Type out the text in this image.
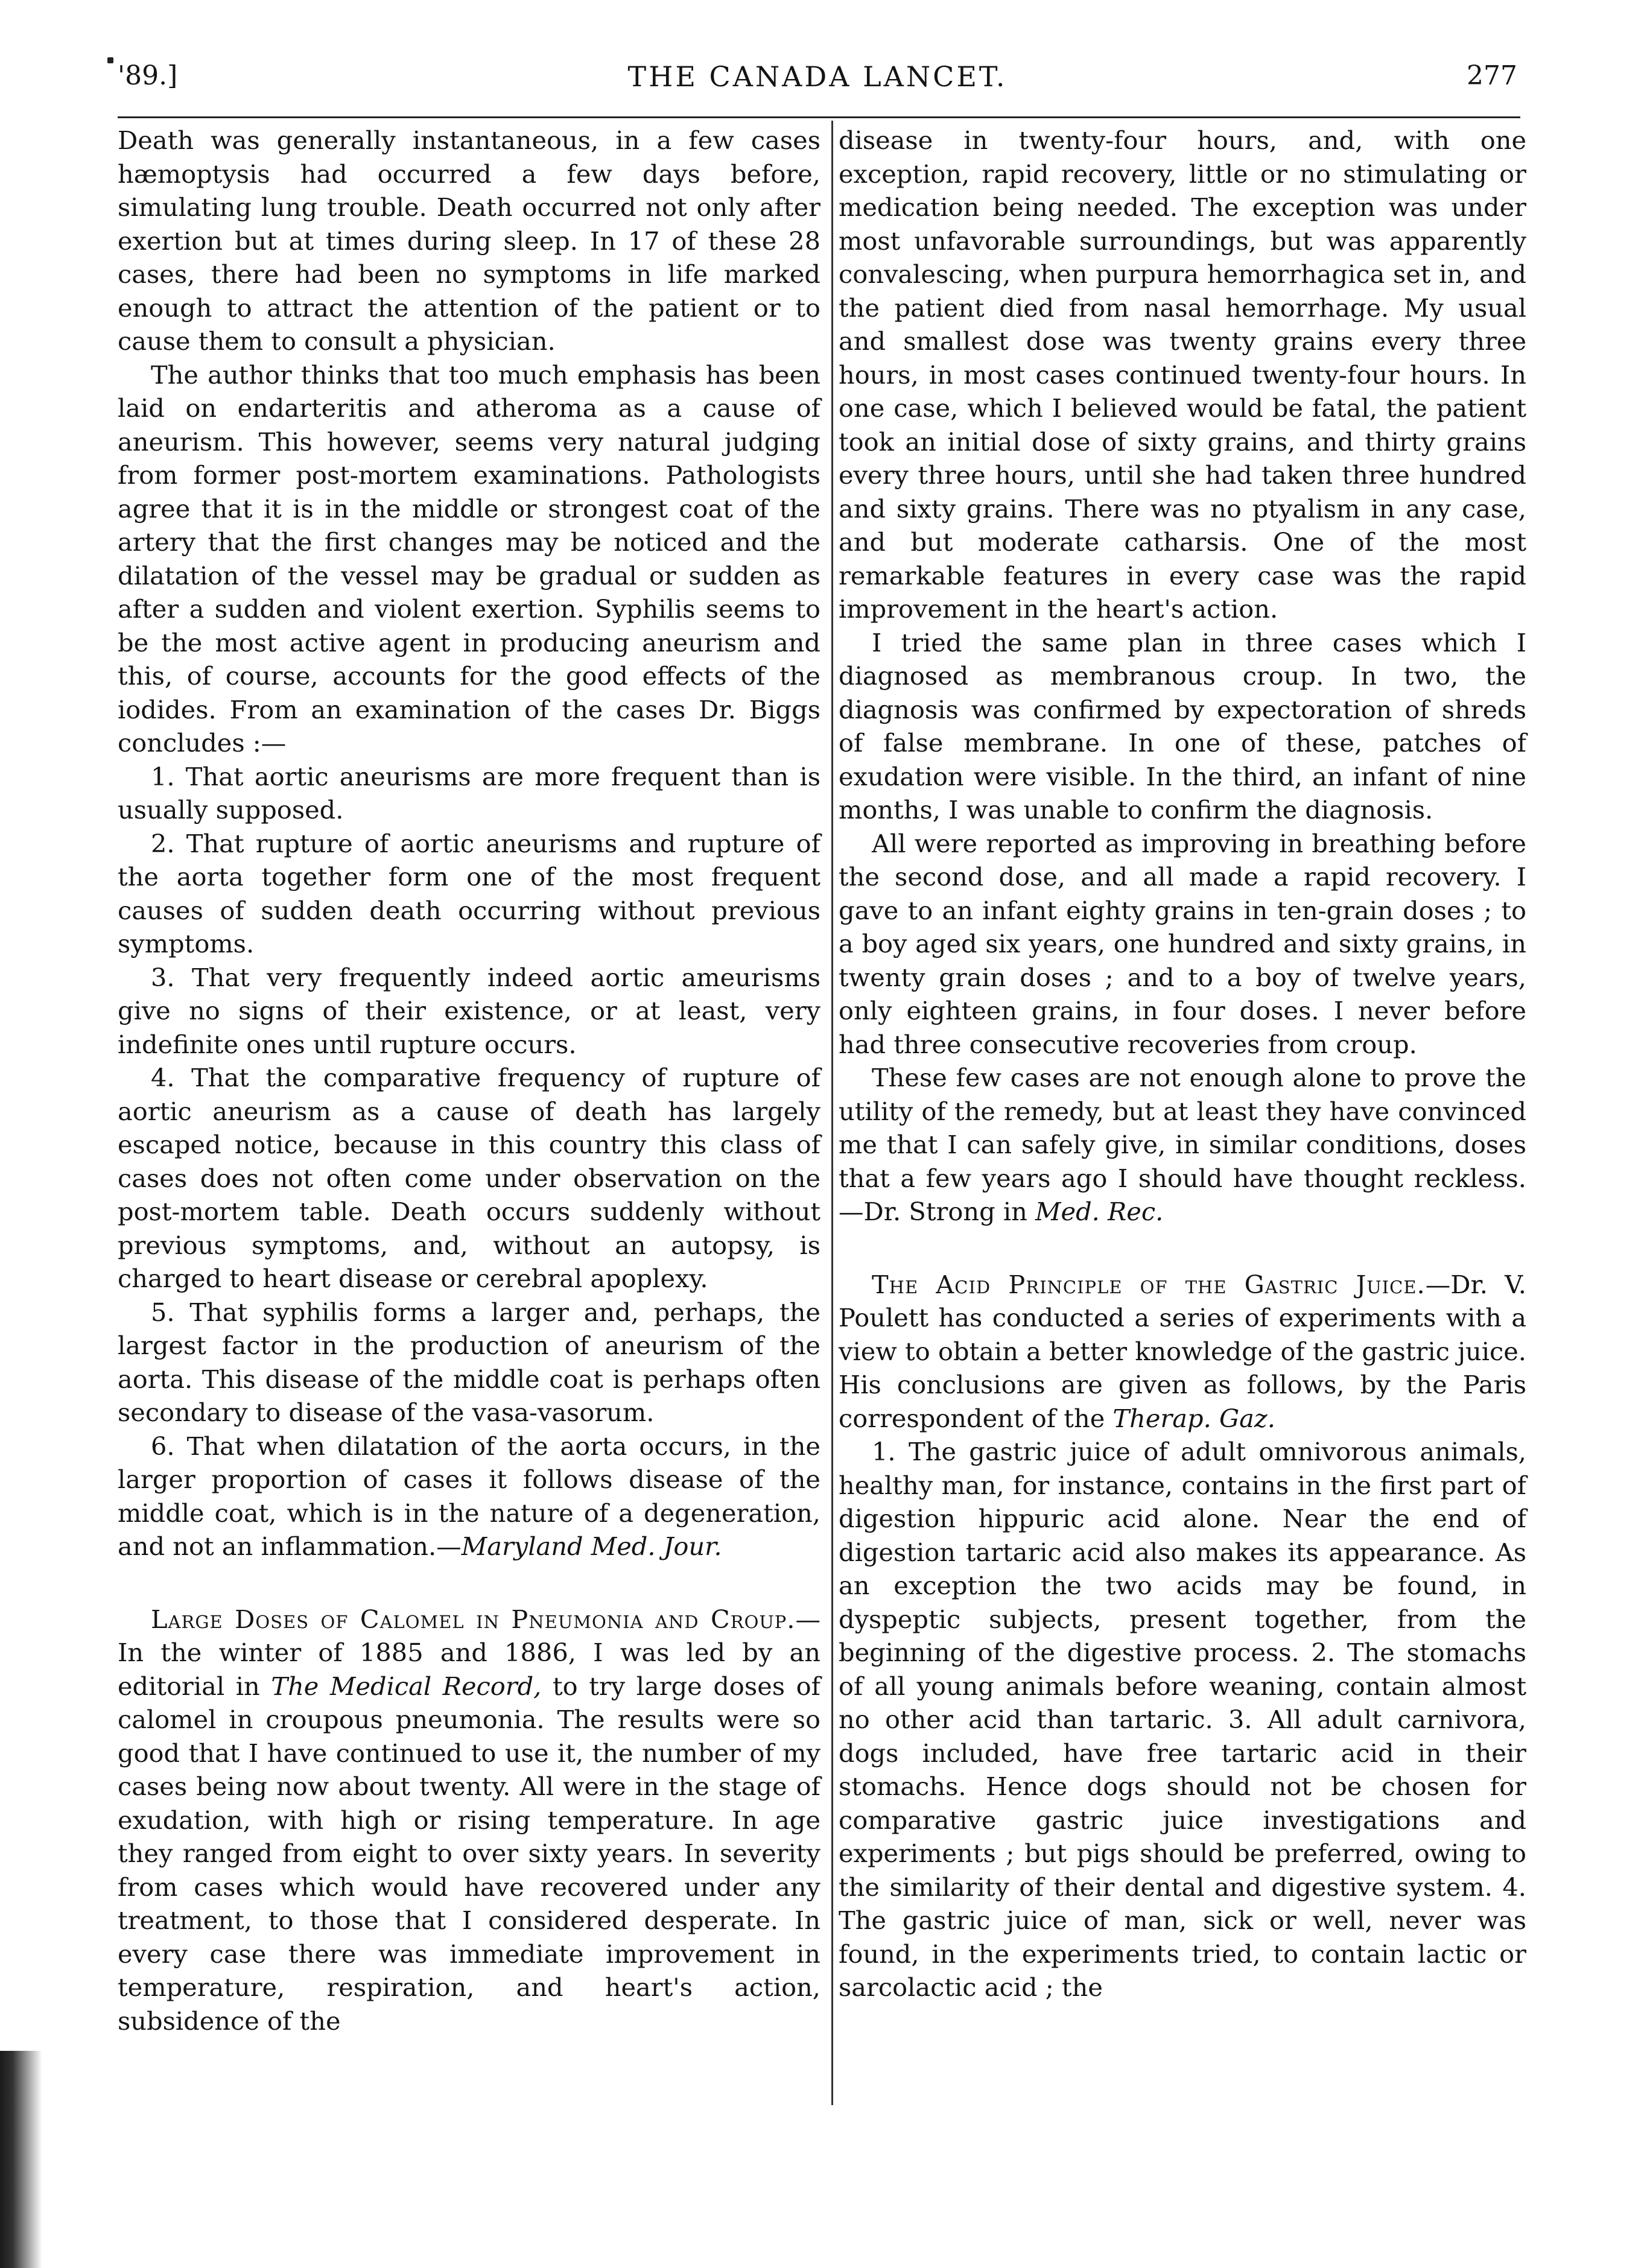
'89.]	THE CANADA LANCET.	277

Death was generally instantaneous, in a few cases hæmoptysis had occurred a few days before, simulating lung trouble. Death occurred not only after exertion but at times during sleep. In 17 of these 28 cases, there had been no symptoms in life marked enough to attract the attention of the patient or to cause them to consult a physician.

The author thinks that too much emphasis has been laid on endarteritis and atheroma as a cause of aneurism. This however, seems very natural judging from former post-mortem examinations. Pathologists agree that it is in the middle or strongest coat of the artery that the first changes may be noticed and the dilatation of the vessel may be gradual or sudden as after a sudden and violent exertion. Syphilis seems to be the most active agent in producing aneurism and this, of course, accounts for the good effects of the iodides. From an examination of the cases Dr. Biggs concludes :—

1. That aortic aneurisms are more frequent than is usually supposed.

2. That rupture of aortic aneurisms and rupture of the aorta together form one of the most frequent causes of sudden death occurring without previous symptoms.

3. That very frequently indeed aortic ameurisms give no signs of their existence, or at least, very indefinite ones until rupture occurs.

4. That the comparative frequency of rupture of aortic aneurism as a cause of death has largely escaped notice, because in this country this class of cases does not often come under observation on the post-mortem table. Death occurs suddenly without previous symptoms, and, without an autopsy, is charged to heart disease or cerebral apoplexy.

5. That syphilis forms a larger and, perhaps, the largest factor in the production of aneurism of the aorta. This disease of the middle coat is perhaps often secondary to disease of the vasa-vasorum.

6. That when dilatation of the aorta occurs, in the larger proportion of cases it follows disease of the middle coat, which is in the nature of a degeneration, and not an inflammation.—Maryland Med. Jour.

Large Doses of Calomel in Pneumonia and Croup.—In the winter of 1885 and 1886, I was led by an editorial in The Medical Record, to try large doses of calomel in croupous pneumonia. The results were so good that I have continued to use it, the number of my cases being now about twenty. All were in the stage of exudation, with high or rising temperature. In age they ranged from eight to over sixty years. In severity from cases which would have recovered under any treatment, to those that I considered desperate. In every case there was immediate improvement in temperature, respiration, and heart's action, subsidence of the

disease in twenty-four hours, and, with one exception, rapid recovery, little or no stimulating or medication being needed. The exception was under most unfavorable surroundings, but was apparently convalescing, when purpura hemorrhagica set in, and the patient died from nasal hemorrhage. My usual and smallest dose was twenty grains every three hours, in most cases continued twenty-four hours. In one case, which I believed would be fatal, the patient took an initial dose of sixty grains, and thirty grains every three hours, until she had taken three hundred and sixty grains. There was no ptyalism in any case, and but moderate catharsis. One of the most remarkable features in every case was the rapid improvement in the heart's action.

I tried the same plan in three cases which I diagnosed as membranous croup. In two, the diagnosis was confirmed by expectoration of shreds of false membrane. In one of these, patches of exudation were visible. In the third, an infant of nine months, I was unable to confirm the diagnosis.

All were reported as improving in breathing before the second dose, and all made a rapid recovery. I gave to an infant eighty grains in ten-grain doses ; to a boy aged six years, one hundred and sixty grains, in twenty grain doses ; and to a boy of twelve years, only eighteen grains, in four doses. I never before had three consecutive recoveries from croup.

These few cases are not enough alone to prove the utility of the remedy, but at least they have convinced me that I can safely give, in similar conditions, doses that a few years ago I should have thought reckless.—Dr. Strong in Med. Rec.

The Acid Principle of the Gastric Juice.—Dr. V. Poulett has conducted a series of experiments with a view to obtain a better knowledge of the gastric juice. His conclusions are given as follows, by the Paris correspondent of the Therap. Gaz.

1. The gastric juice of adult omnivorous animals, healthy man, for instance, contains in the first part of digestion hippuric acid alone. Near the end of digestion tartaric acid also makes its appearance. As an exception the two acids may be found, in dyspeptic subjects, present together, from the beginning of the digestive process. 2. The stomachs of all young animals before weaning, contain almost no other acid than tartaric. 3. All adult carnivora, dogs included, have free tartaric acid in their stomachs. Hence dogs should not be chosen for comparative gastric juice investigations and experiments ; but pigs should be preferred, owing to the similarity of their dental and digestive system. 4. The gastric juice of man, sick or well, never was found, in the experiments tried, to contain lactic or sarcolactic acid ; the
